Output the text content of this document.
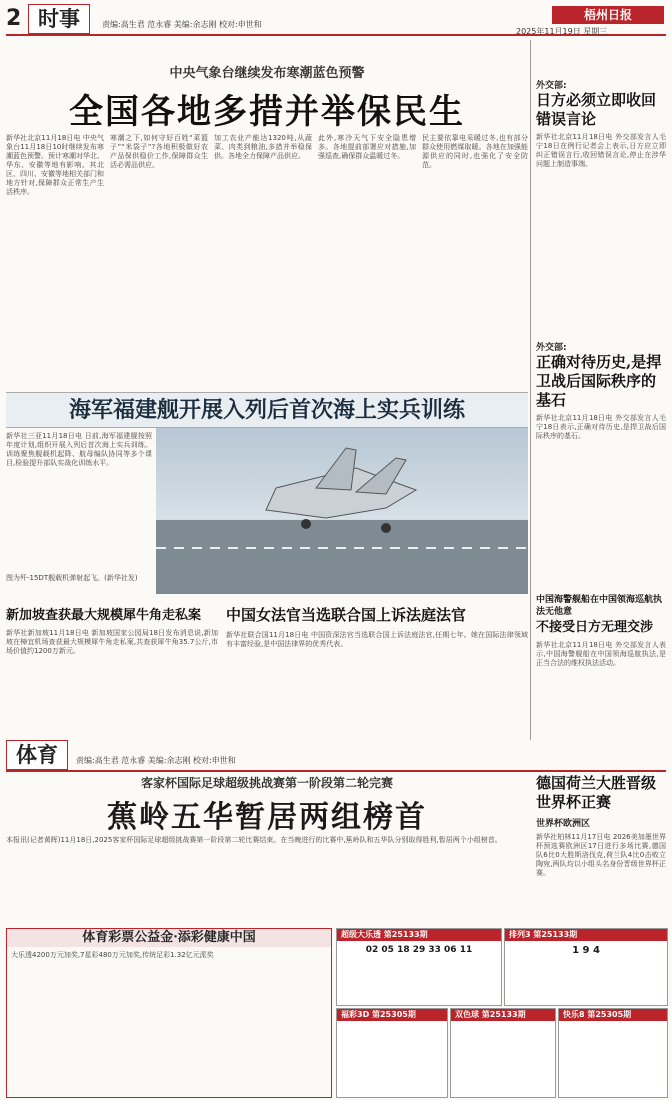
2 时事	责编:高生君 范永睿 美编:余志刚 校对:申世和
梧州日报
2025年11月19日 星期三
中央气象台继续发布寒潮蓝色预警
全国各地多措并举保民生
新华社北京11月18日电 中央气象台11月18日10时继续发布寒潮蓝色预警。预计寒潮对华北、华东、安徽等地有影响。其北区、四川、安徽等地相关部门和地方针对,保障群众正常生产生活秩序。
寒潮之下,如何守好百姓“菜篮子”“米袋子”?各地积极做好农产品保供稳价工作,保障群众生活必需品供应。
加工农业产能达1320吨,从蔬菜、肉类到粮油,多措并举稳保供。各地全力保障产品供应。
此外,寒冷天气下安全隐患增多。各地提前部署应对措施,加强巡查,确保群众温暖过冬。
民主要依靠电采暖过冬,也有部分群众使用燃煤取暖。各地在加强能源供应的同时,也强化了安全防范。
外交部:
日方必须立即收回错误言论
新华社北京11月18日电 外交部发言人毛宁18日在例行记者会上表示,日方应立即纠正错误言行,收回错误言论,停止在涉华问题上制造事端。
外交部:
正确对待历史,是捍卫战后国际秩序的基石
新华社北京11月18日电 外交部发言人毛宁18日表示,正确对待历史,是捍卫战后国际秩序的基石。
中国海警舰船在中国领海巡航执法无他意
不接受日方无理交涉
新华社北京11月18日电 外交部发言人表示,中国海警舰船在中国领海巡航执法,是正当合法的维权执法活动。
海军福建舰开展入列后首次海上实兵训练
新华社三亚11月18日电 日前,海军福建舰按照年度计划,组织开展入列后首次海上实兵训练。训练聚焦舰载机起降、航母编队协同等多个课目,检验提升部队实战化训练水平。
图为歼-15DT舰载机弹射起飞。(新华社发)
新加坡查获最大规模犀牛角走私案
新华社新加坡11月18日电 新加坡国家公园局18日发布消息说,新加坡在樟宜机场查获最大规模犀牛角走私案,共查获犀牛角35.7公斤,市场价值约1200万新元。
中国女法官当选联合国上诉法庭法官
新华社联合国11月18日电 中国资深法官当选联合国上诉法庭法官,任期七年。她在国际法律领域有丰富经验,是中国法律界的优秀代表。
体育	责编:高生君 范永睿 美编:余志刚 校对:申世和
客家杯国际足球超级挑战赛第一阶段第二轮完赛
蕉岭五华暂居两组榜首
本报讯(记者黄晖)11月18日,2025客家杯国际足球超级挑战赛第一阶段第二轮比赛结束。在当晚进行的比赛中,蕉岭队和五华队分别取得胜利,暂居两个小组榜首。
德国荷兰大胜晋级世界杯正赛
世界杯欧洲区
新华社柏林11月17日电 2026美加墨世界杯预选赛欧洲区17日进行多场比赛,德国队6比0大胜斯洛伐克,荷兰队4比0击败立陶宛,两队均以小组头名身份晋级世界杯正赛。
体育彩票公益金·添彩健康中国
大乐透4200万元加奖,7星彩480万元加奖,传统足彩1.32亿元派奖
超级大乐透 第25133期
02 05 18 29 33 06 11
排列3 第25133期
1 9 4
福彩3D 第25305期	双色球 第25133期	快乐8 第25305期
